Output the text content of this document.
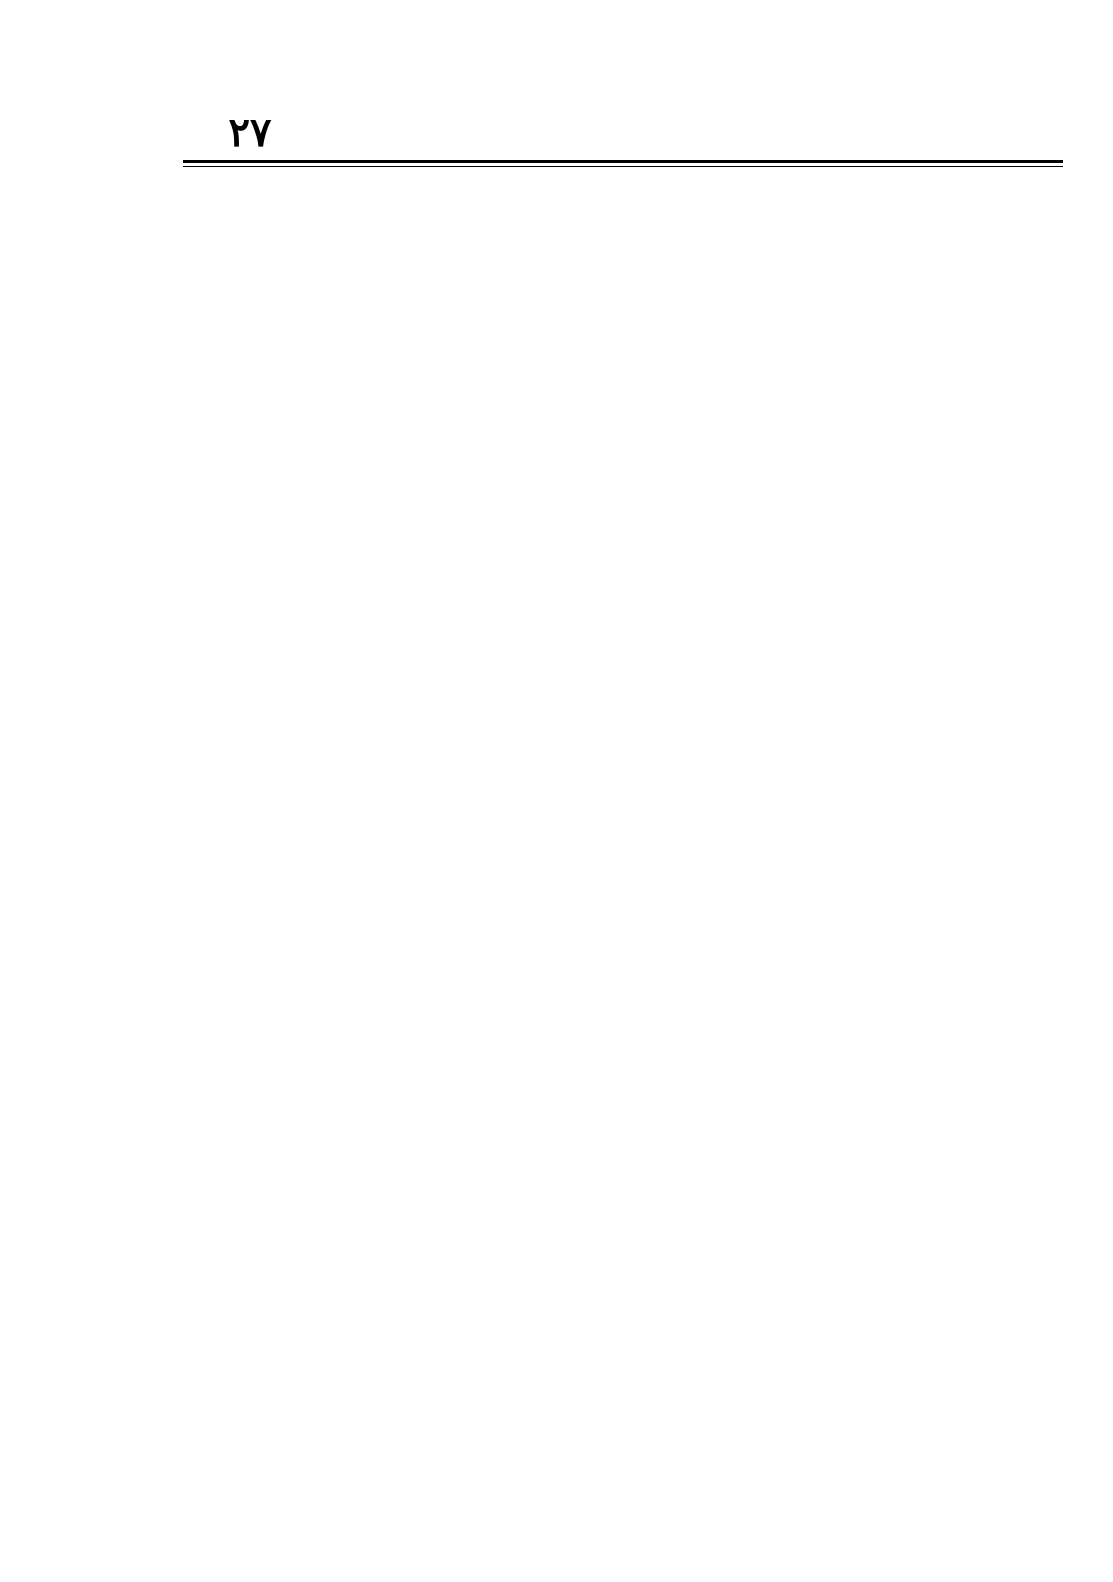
٢٧
